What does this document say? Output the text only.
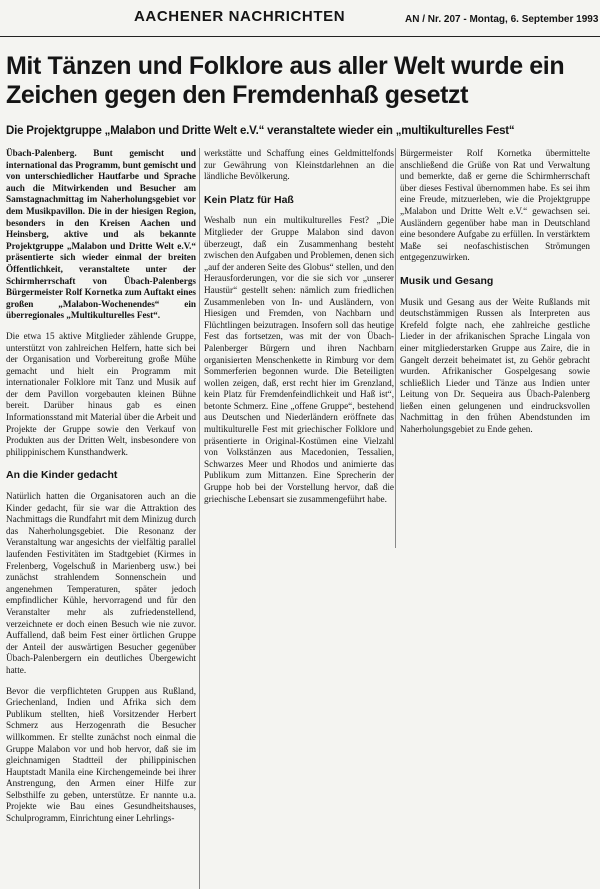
AACHENER NACHRICHTEN	AN / Nr. 207 - Montag, 6. September 1993
Mit Tänzen und Folklore aus aller Welt wurde ein Zeichen gegen den Fremdenhaß gesetzt
Die Projektgruppe „Malabon und Dritte Welt e.V.“ veranstaltete wieder ein „multikulturelles Fest“

Übach-Palenberg. Bunt gemischt und international das Programm, bunt gemischt und von unterschiedlicher Hautfarbe und Sprache auch die Mitwirkenden und Besucher am Samstagnachmittag im Naherholungsgebiet vor dem Musikpavillon. Die in der hiesigen Region, besonders in den Kreisen Aachen und Heinsberg, aktive und als bekannte Projektgruppe „Malabon und Dritte Welt e.V.“ präsentierte sich wieder einmal der breiten Öffentlichkeit, veranstaltete unter der Schirmherrschaft von Übach-Palenbergs Bürgermeister Rolf Kornetka zum Auftakt eines großen „Malabon-Wochenendes“ ein überregionales „Multikulturelles Fest“.

Die etwa 15 aktive Mitglieder zählende Gruppe, unterstützt von zahlreichen Helfern, hatte sich bei der Organisation und Vorbereitung große Mühe gemacht und hielt ein Programm mit internationaler Folklore mit Tanz und Musik auf der dem Pavillon vorgebauten kleinen Bühne bereit. Darüber hinaus gab es einen Informationsstand mit Material über die Arbeit und Projekte der Gruppe sowie den Verkauf von Produkten aus der Dritten Welt, insbesondere von philippinischem Kunsthandwerk.

An die Kinder gedacht

Natürlich hatten die Organisatoren auch an die Kinder gedacht, für sie war die Attraktion des Nachmittags die Rundfahrt mit dem Minizug durch das Naherholungsgebiet. Die Resonanz der Veranstaltung war angesichts der vielfältig parallel laufenden Festivitäten im Stadtgebiet (Kirmes in Frelenberg, Vogelschuß in Marienberg usw.) bei zunächst strahlendem Sonnenschein und angenehmen Temperaturen, später jedoch empfindlicher Kühle, hervorragend und für den Veranstalter mehr als zufriedenstellend, verzeichnete er doch einen Besuch wie nie zuvor. Auffallend, daß beim Fest einer örtlichen Gruppe der Anteil der auswärtigen Besucher gegenüber Übach-Palenbergern ein deutliches Übergewicht hatte.

Bevor die verpflichteten Gruppen aus Rußland, Griechenland, Indien und Afrika sich dem Publikum stellten, hieß Vorsitzender Herbert Schmerz aus Herzogenrath die Besucher willkommen. Er stellte zunächst noch einmal die Gruppe Malabon vor und hob hervor, daß sie im gleichnamigen Stadtteil der philippinischen Hauptstadt Manila eine Kirchengemeinde bei ihrer Anstrengung, den Armen einer Hilfe zur Selbsthilfe zu geben, unterstütze. Er nannte u.a. Projekte wie Bau eines Gesundheitshauses, Schulprogramm, Einrichtung einer Lehrlings-

werkstätte und Schaffung eines Geldmittelfonds zur Gewährung von Kleinstdarlehnen an die ländliche Bevölkerung.

Kein Platz für Haß

Weshalb nun ein multikulturelles Fest? „Die Mitglieder der Gruppe Malabon sind davon überzeugt, daß ein Zusammenhang besteht zwischen den Aufgaben und Problemen, denen sich „auf der anderen Seite des Globus“ stellen, und den Herausforderungen, vor die sie sich vor „unserer Haustür“ gestellt sehen: nämlich zum friedlichen Zusammenleben von In- und Ausländern, von Hiesigen und Fremden, von Nachbarn und Flüchtlingen beizutragen. Insofern soll das heutige Fest das fortsetzen, was mit der von Übach-Palenberger Bürgern und ihren Nachbarn organisierten Menschenkette in Rimburg vor dem Sommerferien begonnen wurde. Die Beteiligten wollen zeigen, daß, erst recht hier im Grenzland, kein Platz für Fremdenfeindlichkeit und Haß ist“, betonte Schmerz. Eine „offene Gruppe“, bestehend aus Deutschen und Niederländern eröffnete das multikulturelle Fest mit griechischer Folklore und präsentierte in Original-Kostümen eine Vielzahl von Volkstänzen aus Macedonien, Tessalien, Schwarzes Meer und Rhodos und animierte das Publikum zum Mittanzen. Eine Sprecherin der Gruppe hob bei der Vorstellung hervor, daß die griechische Lebensart sie zusammengeführt habe.

Bürgermeister Rolf Kornetka übermittelte anschließend die Grüße von Rat und Verwaltung und bemerkte, daß er gerne die Schirmherrschaft über dieses Festival übernommen habe. Es sei ihm eine Freude, mitzuerleben, wie die Projektgruppe „Malabon und Dritte Welt e.V.“ gewachsen sei. Ausländern gegenüber habe man in Deutschland eine besondere Aufgabe zu erfüllen. In verstärktem Maße sei neofaschistischen Strömungen entgegenzuwirken.

Musik und Gesang

Musik und Gesang aus der Weite Rußlands mit deutschstämmigen Russen als Interpreten aus Krefeld folgte nach, ehe zahlreiche gestliche Lieder in der afrikanischen Sprache Lingala von einer mitgliederstarken Gruppe aus Zaire, die in Gangelt derzeit beheimatet ist, zu Gehör gebracht wurden. Afrikanischer Gospelgesang sowie schließlich Lieder und Tänze aus Indien unter Leitung von Dr. Sequeira aus Übach-Palenberg ließen einen gelungenen und eindrucksvollen Nachmittag in den frühen Abendstunden im Naherholungsgebiet zu Ende gehen.
